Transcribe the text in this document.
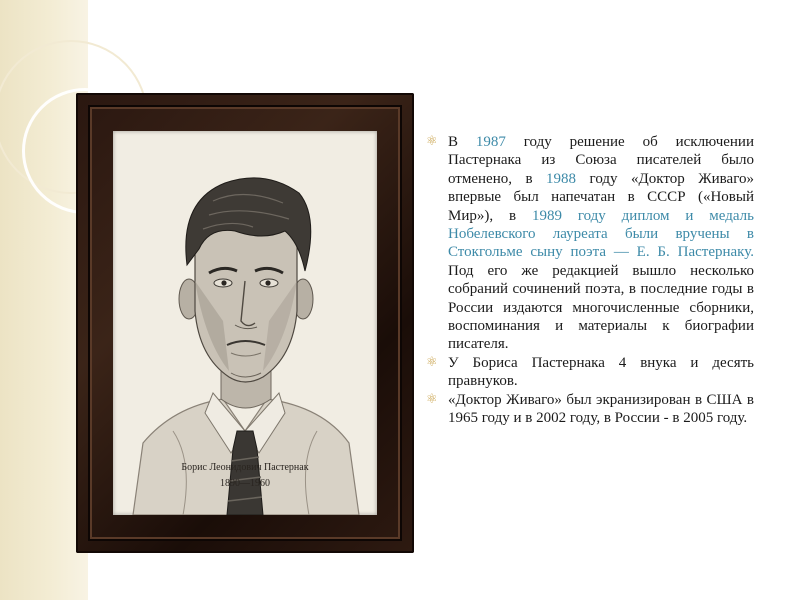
Борис Леонидович Пастернак
1890—1960
⚛ В 1987 году решение об исключении Пастернака из Союза писателей было отменено, в 1988 году «Доктор Живаго» впервые был напечатан в СССР («Новый Мир»), в 1989 году диплом и медаль Нобелевского лауреата были вручены в Стокгольме сыну поэта — Е. Б. Пастернаку. Под его же редакцией вышло несколько собраний сочинений поэта, в последние годы в России издаются многочисленные сборники, воспоминания и материалы к биографии писателя.
⚛ У Бориса Пастернака 4 внука и десять правнуков.
⚛ «Доктор Живаго» был экранизирован в США в 1965 году и в 2002 году, в России - в 2005 году.
